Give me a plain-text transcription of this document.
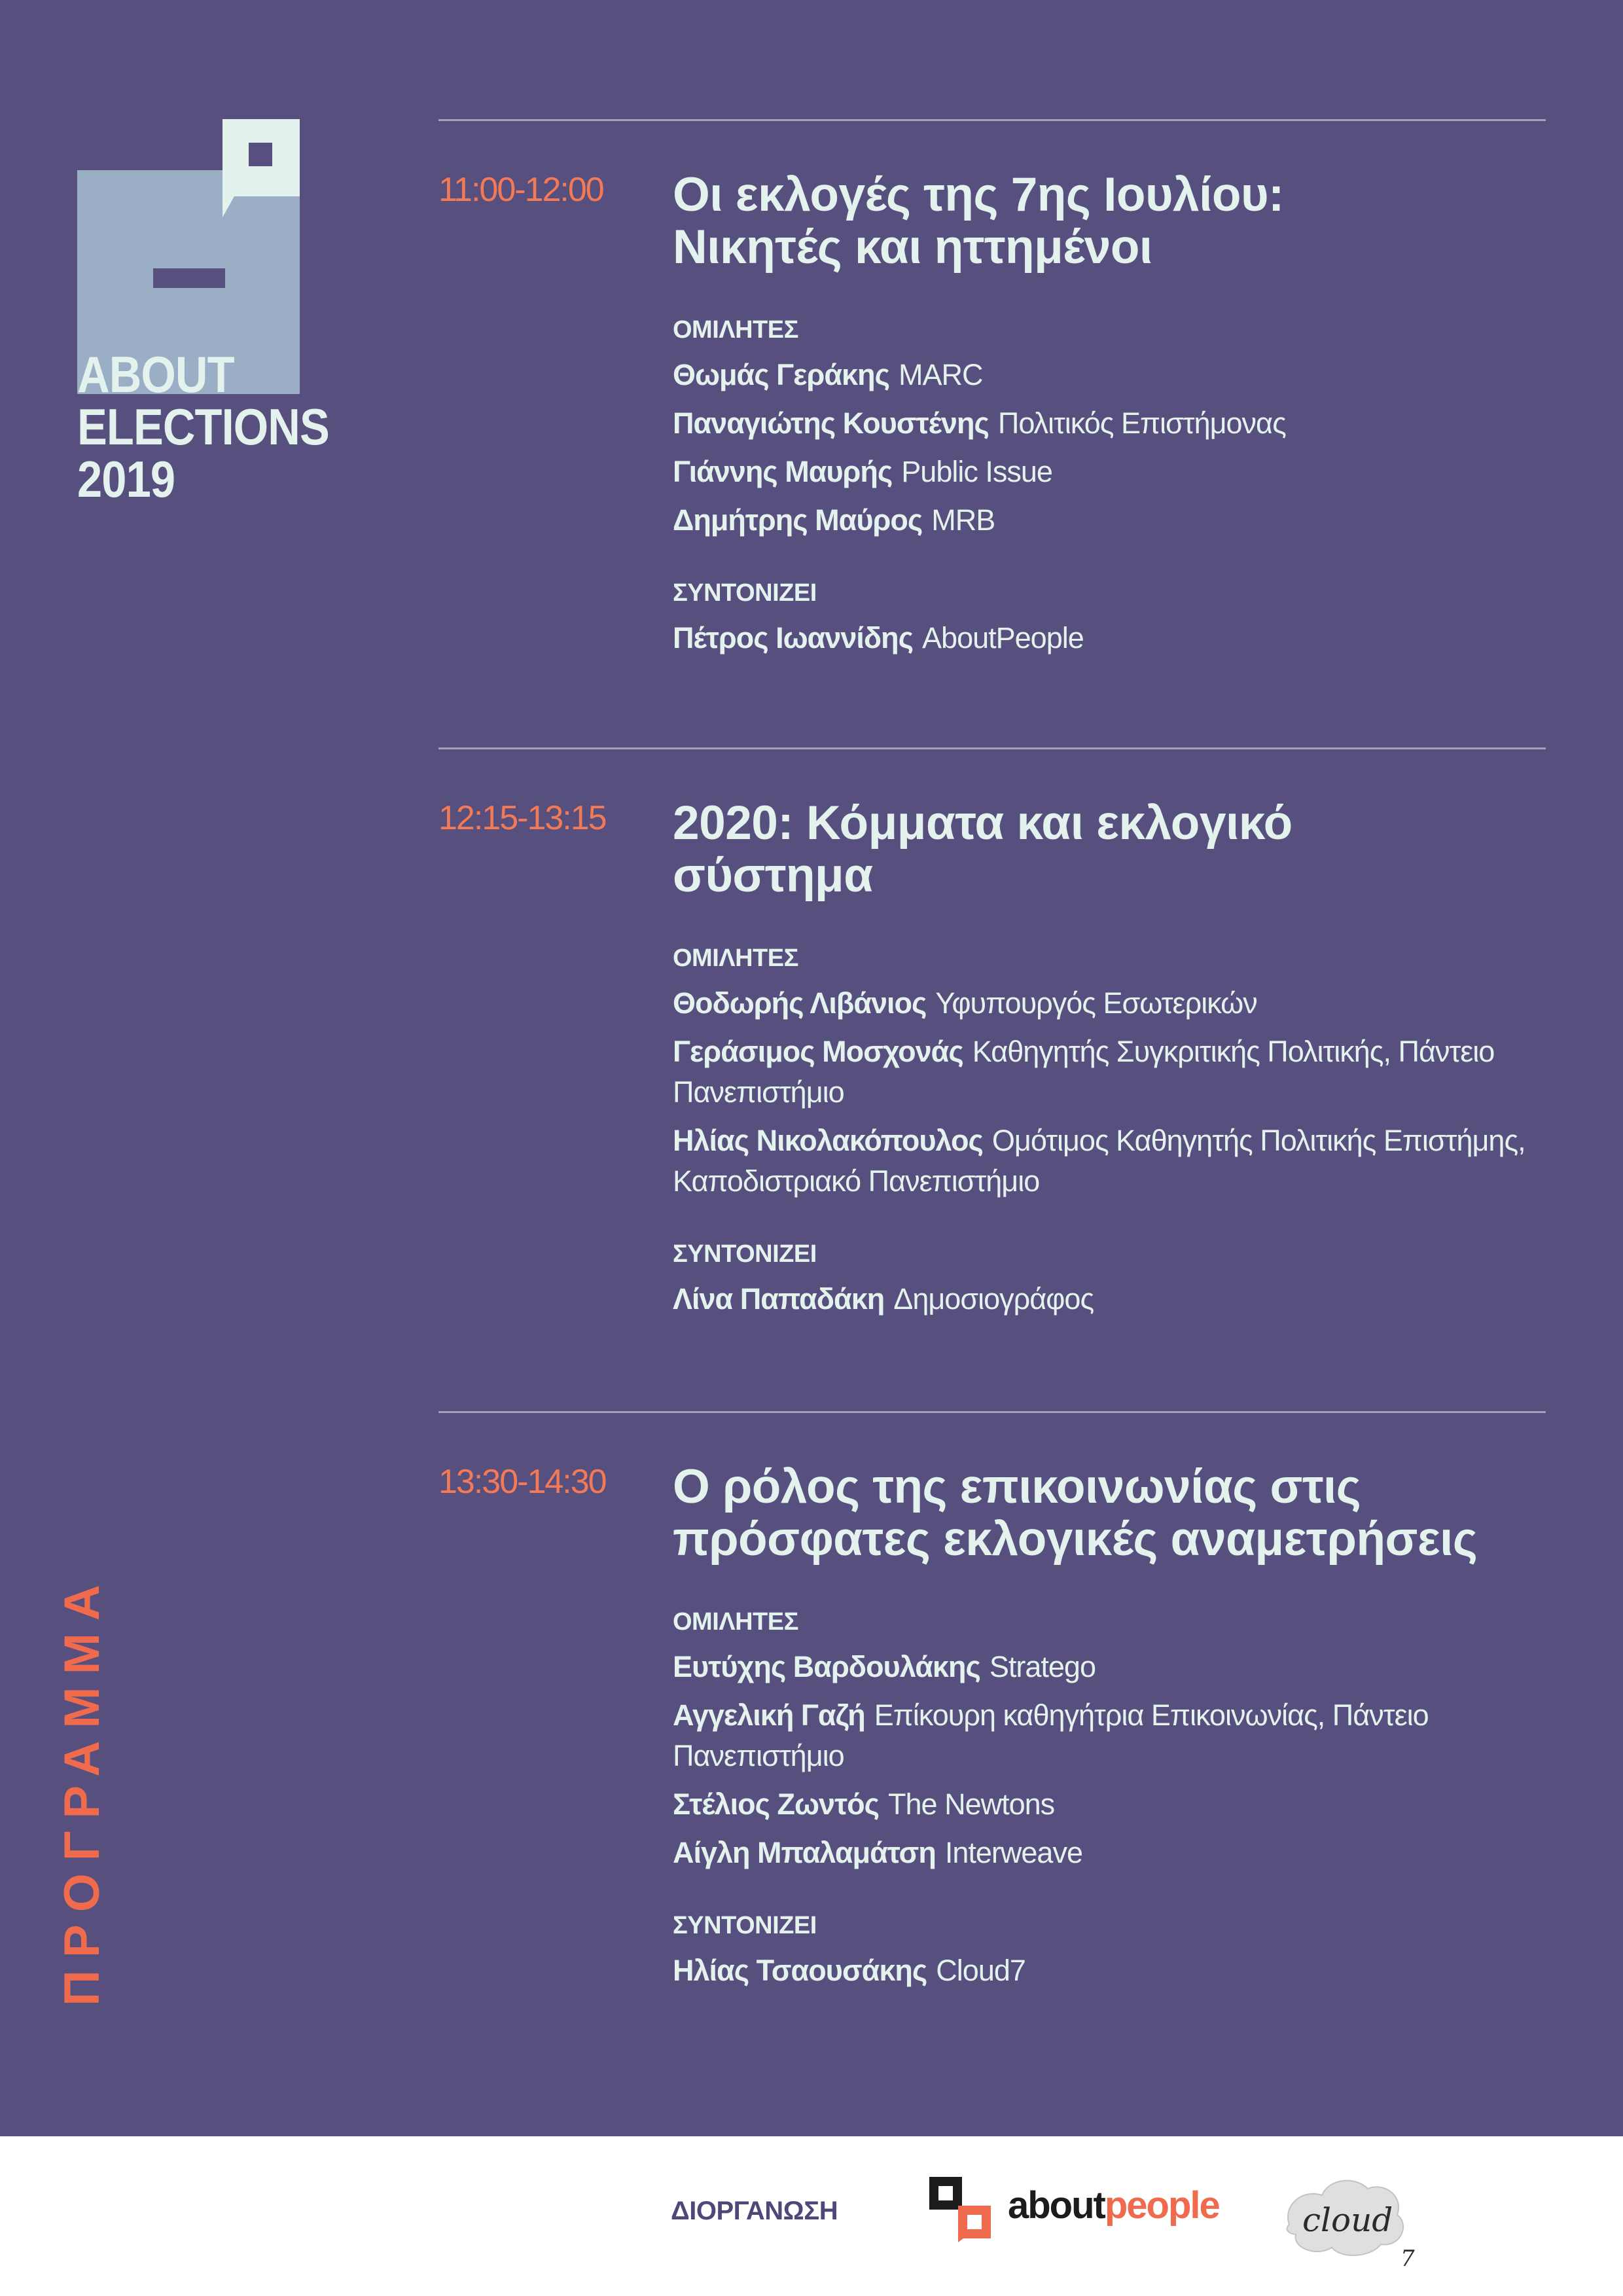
ABOUT
ELECTIONS
2019
ΠΡΟΓΡΑΜΜΑ
11:00-12:00 Οι εκλογές της 7ης Ιουλίου:
Νικητές και ηττημένοι
ΟΜΙΛΗΤΕΣ
Θωμάς Γεράκης MARC
Παναγιώτης Κουστένης Πολιτικός Επιστήμονας
Γιάννης Μαυρής Public Issue
Δημήτρης Μαύρος MRB
ΣΥΝΤΟΝΙΖΕΙ
Πέτρος Ιωαννίδης AboutPeople
12:15-13:15 2020: Κόμματα και εκλογικό
σύστημα
ΟΜΙΛΗΤΕΣ
Θοδωρής Λιβάνιος Υφυπουργός Εσωτερικών
Γεράσιμος Μοσχονάς Καθηγητής Συγκριτικής Πολιτικής, Πάντειο Πανεπιστήμιο
Ηλίας Νικολακόπουλος Ομότιμος Καθηγητής Πολιτικής Επιστήμης, Καποδιστριακό Πανεπιστήμιο
ΣΥΝΤΟΝΙΖΕΙ
Λίνα Παπαδάκη Δημοσιογράφος
13:30-14:30 Ο ρόλος της επικοινωνίας στις
πρόσφατες εκλογικές αναμετρήσεις
ΟΜΙΛΗΤΕΣ
Ευτύχης Βαρδουλάκης Stratego
Αγγελική Γαζή Επίκουρη καθηγήτρια Επικοινωνίας, Πάντειο Πανεπιστήμιο
Στέλιος Ζωντός The Newtons
Αίγλη Μπαλαμάτση Interweave
ΣΥΝΤΟΝΙΖΕΙ
Ηλίας Τσαουσάκης Cloud7
ΔΙΟΡΓΑΝΩΣΗ	aboutpeople	cloud
7
